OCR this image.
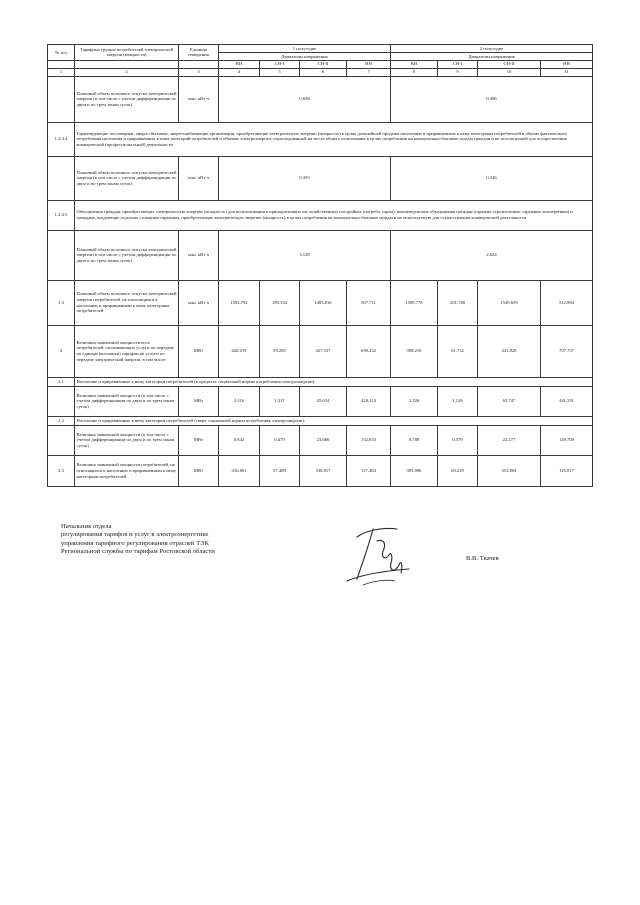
№ п/п	Тарифные группы потребителей электрической энергии (мощности)	Единица измерения	1 полугодие				2 полугодие			

			Диапазоны напряжения				Диапазоны напряжения			
			ВН	СН-I	СН-II	НН	ВН	СН-I	СН-II	НН
1	2	3	4	5	6	7	8	9	10	11
	Плановый объем полезного отпуска электрической энергии (в том числе с учетом дифференциации по двум и по трем зонам суток)	млн. кВт·ч	0,638				0,496			
1.2.4.4	Гарантирующие поставщики, энергосбытовые, энергоснабжающие организации, приобретающие электрическую энергию (мощность) в целях дальнейшей продажи населению и приравненным к нему категориям потребителей в объеме фактического потребления населения и приравненных к нему категорий потребителей и объемах электроэнергии, израсходованной на места общего пользования в целях потребления на коммунально-бытовые нужды граждан и не используемой для осуществления коммерческой (профессиональной) деятельности									
	Плановый объем полезного отпуска электрической энергии (в том числе с учетом дифференциации по двум и по трем зонам суток)	млн. кВт·ч	0,393				0,326			
1.2.4.5	Объединения граждан, приобретающих электрическую энергию (мощность) для использования в принадлежащих им хозяйственных постройках (погреба, сараи), некоммерческие объединения граждан (гаражно-строительные, гаражные кооперативы) и граждане, владеющие отдельно стоящими гаражами, приобретающие электрическую энергию (мощность) в целях потребления на коммунально-бытовые нужды и не используемую для осуществления коммерческой деятельности									
	Плановый объем полезного отпуска электрической энергии (в том числе с учетом дифференциации по двум и по трем зонам суток)	млн. кВт·ч	3,128				2,624			
1.3	Плановый объем полезного отпуска электрической энергии потребителей, не относящимся к населению и приравненным к нему категориям потребителей	млн. кВт·ч	1592,792	189,334	1483,816	507,711	1580,778	201,748	1549,659	512,894
2	Величина заявленной мощности всех потребителей, оплачивающих услуги по передаче по единым (котловым) тарифам на услуги по передаче электрической энергии, в том числе:	МВт	420,019	59,285	427,537	690,432	398,210	61,732	441,828	707,757
2.1	Население и приравненные к нему категории потребителей (в пределах социальной нормы потребления электроэнергии):									
	Величина заявленной мощности (в том числе с учетом дифференциации по двум и по трем зонам суток)	МВт	2,316	1,317	45,654	420,114	2,326	1,126	65,747	441,231
2.2	Население и приравненные к нему категории потребителей (сверх социальной нормы потребления электроэнергии):									
	Величина заявленной мощности (в том числе с учетом дифференциации по двум и по трем зонам суток)	МВт	0,842	0,479	23,666	152,833	0,788	0,379	22,277	149,708
2.3	Величина заявленной мощности потребителей, не относящихся к населению и приравненным к нему категориям потребителей	МВт	416,861	57,489	338,817	117,484	395,096	60,229	353,804	116,817
Начальник отдела
регулирования тарифов и услуг в электроэнергетике
управления тарифного регулирования отраслей ТЭК
Региональной службы по тарифам Ростовской области
В.В. Ткачев
